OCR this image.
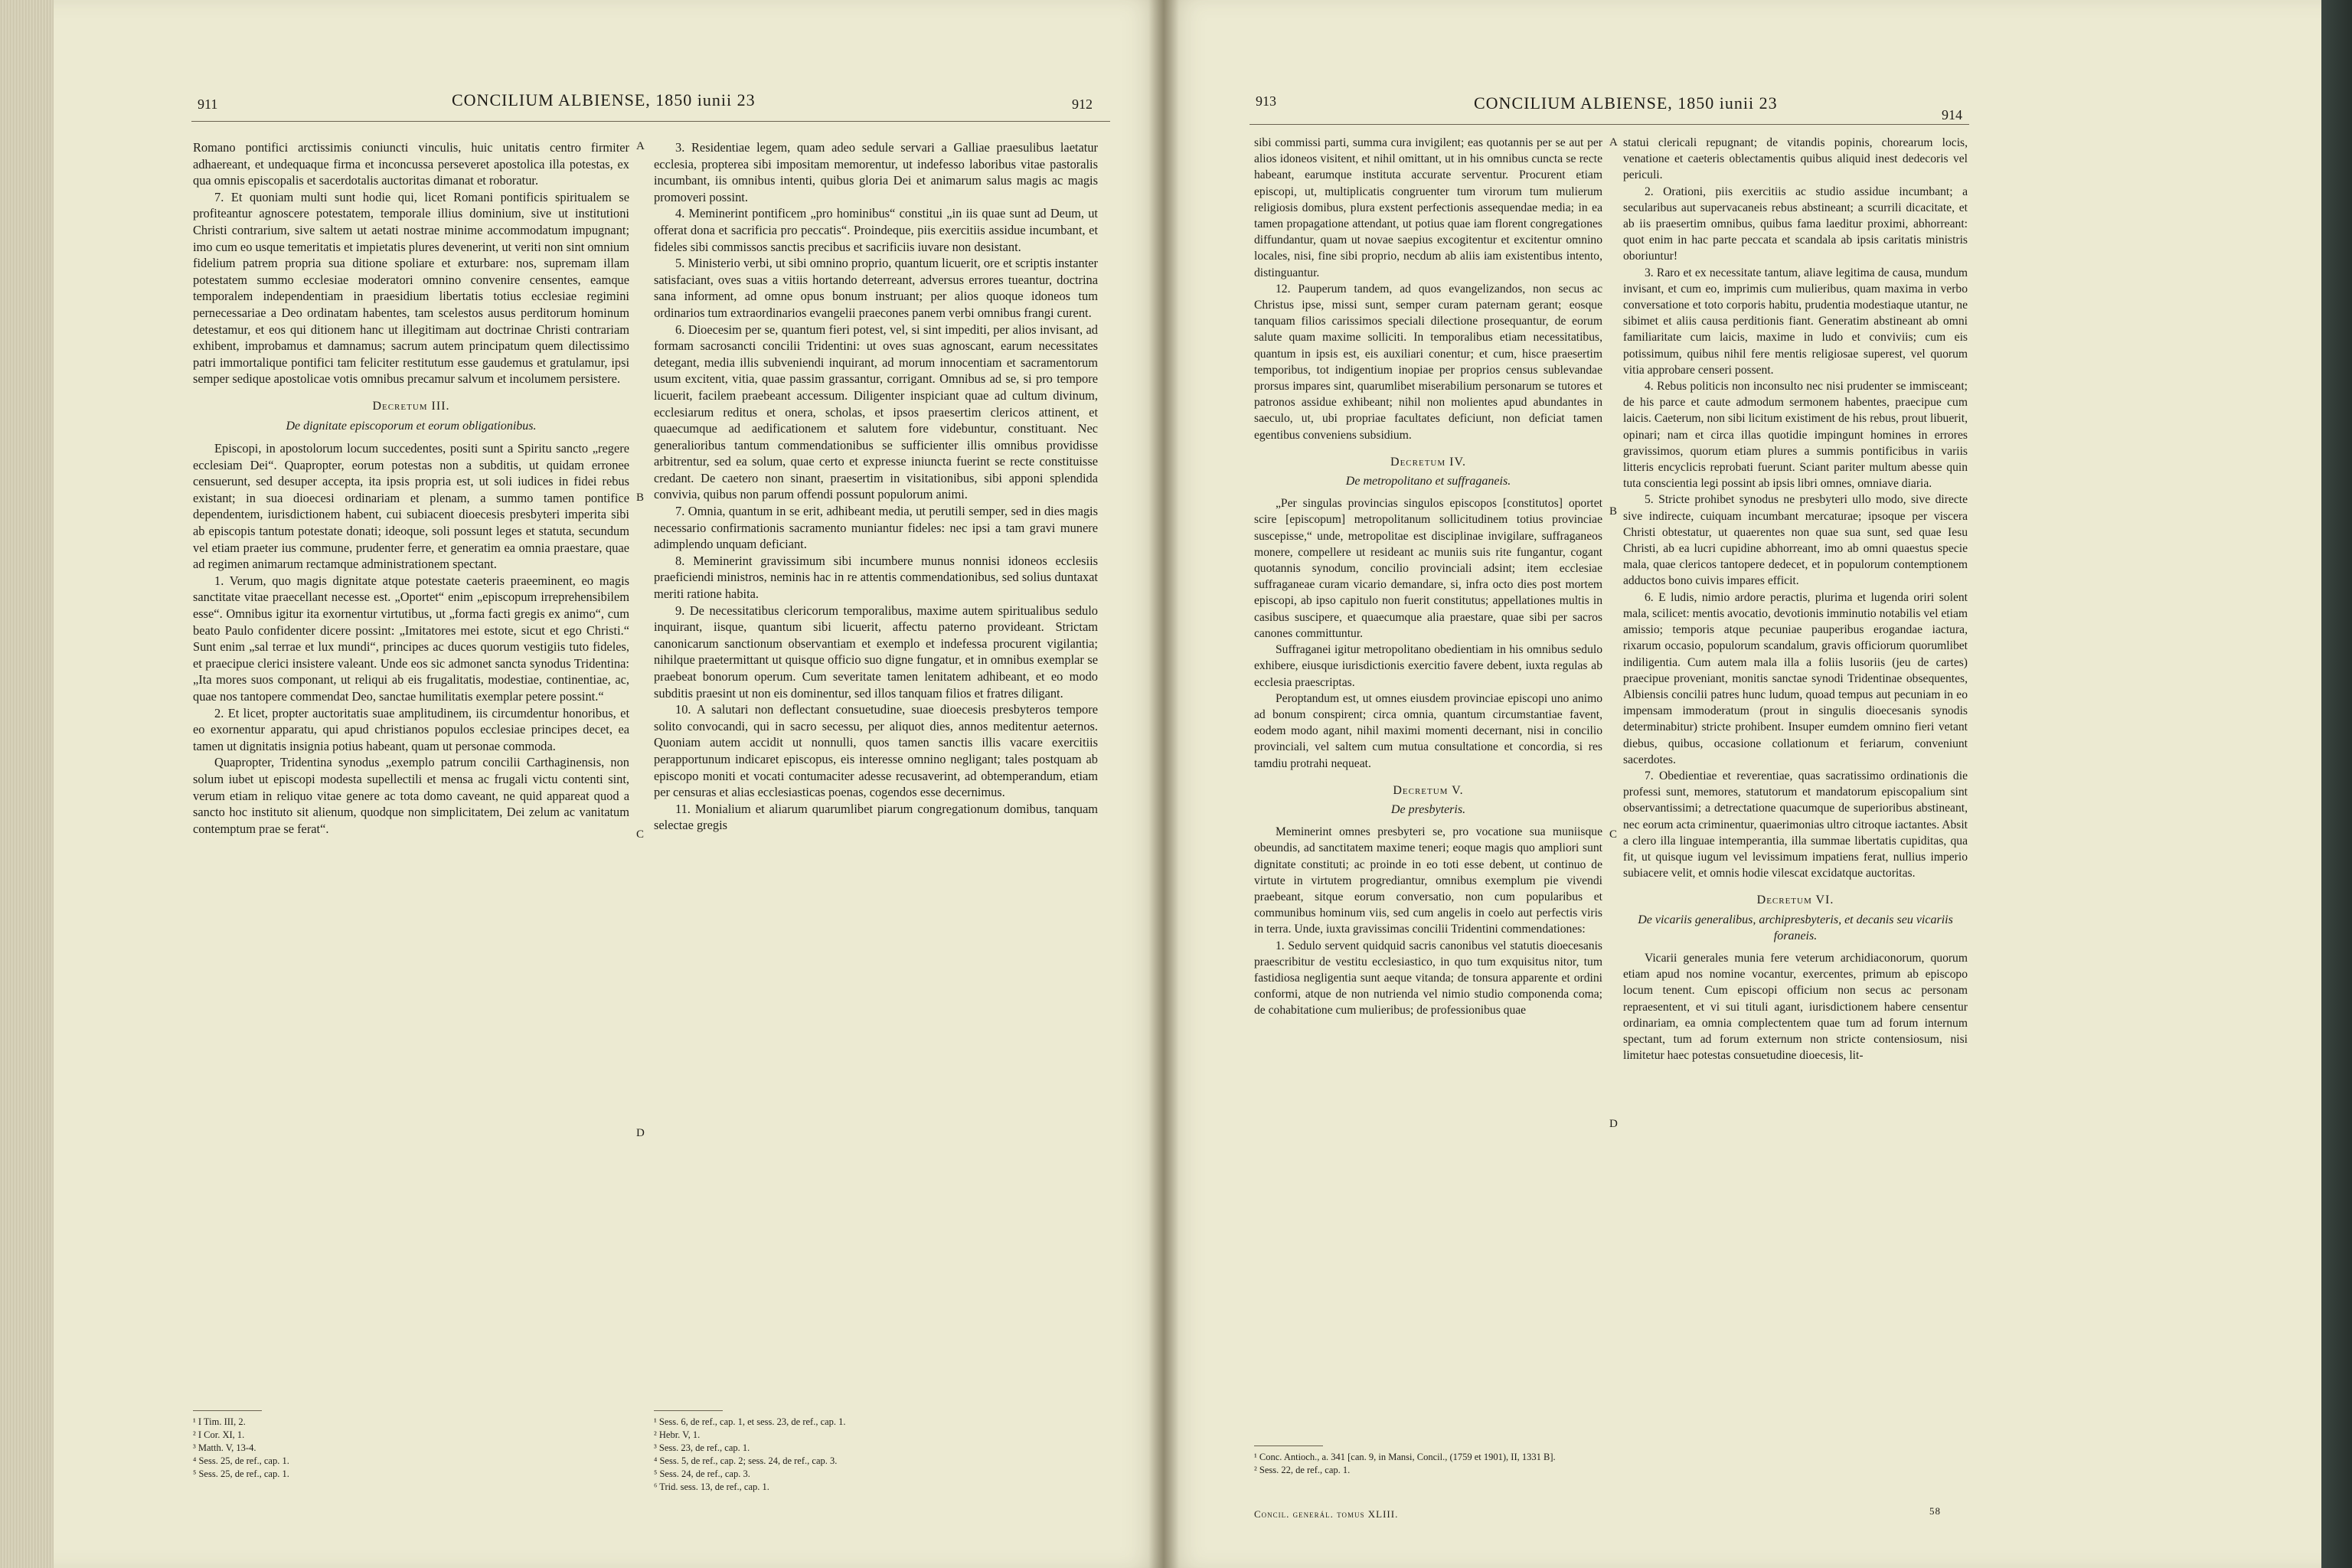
911	CONCILIUM ALBIENSE, 1850 iunii 23	912

Romano pontifici arctissimis coniuncti vinculis, huic unitatis centro firmiter adhaereant, et undequaque firma et inconcussa perseveret apostolica illa potestas, ex qua omnis episcopalis et sacerdotalis auctoritas dimanat et roboratur.

7. Et quoniam multi sunt hodie qui, licet Romani pontificis spiritualem se profiteantur agnoscere potestatem, temporale illius dominium, sive ut institutioni Christi contrarium, sive saltem ut aetati nostrae minime accommodatum impugnant; imo cum eo usque temeritatis et impietatis plures devenerint, ut veriti non sint omnium fidelium patrem propria sua ditione spoliare et exturbare: nos, supremam illam potestatem summo ecclesiae moderatori omnino convenire censentes, eamque temporalem independentiam in praesidium libertatis totius ecclesiae regimini pernecessariae a Deo ordinatam habentes, tam scelestos ausus perditorum hominum detestamur, et eos qui ditionem hanc ut illegitimam aut doctrinae Christi contrariam exhibent, improbamus et damnamus; sacrum autem principatum quem dilectissimo patri immortalique pontifici tam feliciter restitutum esse gaudemus et gratulamur, ipsi semper sedique apostolicae votis omnibus precamur salvum et incolumem persistere.

Decretum III.
De dignitate episcoporum et eorum obligationibus.

Episcopi, in apostolorum locum succedentes, positi sunt a Spiritu sancto „regere ecclesiam Dei“. Quapropter, eorum potestas non a subditis, ut quidam erronee censuerunt, sed desuper accepta, ita ipsis propria est, ut soli iudices in fidei rebus existant; in sua dioecesi ordinariam et plenam, a summo tamen pontifice dependentem, iurisdictionem habent, cui subiacent dioecesis presbyteri imperita sibi ab episcopis tantum potestate donati; ideoque, soli possunt leges et statuta, secundum vel etiam praeter ius commune, prudenter ferre, et generatim ea omnia praestare, quae ad regimen animarum rectamque administrationem spectant.

1. Verum, quo magis dignitate atque potestate caeteris praeeminent, eo magis sanctitate vitae praecellant necesse est. „Oportet“ enim „episcopum irreprehensibilem esse“. Omnibus igitur ita exornentur virtutibus, ut „forma facti gregis ex animo“, cum beato Paulo confidenter dicere possint: „Imitatores mei estote, sicut et ego Christi.“ Sunt enim „sal terrae et lux mundi“, principes ac duces quorum vestigiis tuto fideles, et praecipue clerici insistere valeant. Unde eos sic admonet sancta synodus Tridentina: „Ita mores suos componant, ut reliqui ab eis frugalitatis, modestiae, continentiae, ac, quae nos tantopere commendat Deo, sanctae humilitatis exemplar petere possint.“

2. Et licet, propter auctoritatis suae amplitudinem, iis circumdentur honoribus, et eo exornentur apparatu, qui apud christianos populos ecclesiae principes decet, ea tamen ut dignitatis insignia potius habeant, quam ut personae commoda.

Quapropter, Tridentina synodus „exemplo patrum concilii Carthaginensis, non solum iubet ut episcopi modesta supellectili et mensa ac frugali victu contenti sint, verum etiam in reliquo vitae genere ac tota domo caveant, ne quid appareat quod a sancto hoc instituto sit alienum, quodque non simplicitatem, Dei zelum ac vanitatum contemptum prae se ferat“.

¹ I Tim. III, 2.
² I Cor. XI, 1.
³ Matth. V, 13-4.
⁴ Sess. 25, de ref., cap. 1.
⁵ Sess. 25, de ref., cap. 1.
A
B
C
D

3. Residentiae legem, quam adeo sedule servari a Galliae praesulibus laetatur ecclesia, propterea sibi impositam memorentur, ut indefesso laboribus vitae pastoralis incumbant, iis omnibus intenti, quibus gloria Dei et animarum salus magis ac magis promoveri possint.

4. Meminerint pontificem „pro hominibus“ constitui „in iis quae sunt ad Deum, ut offerat dona et sacrificia pro peccatis“. Proindeque, piis exercitiis assidue incumbant, et fideles sibi commissos sanctis precibus et sacrificiis iuvare non desistant.

5. Ministerio verbi, ut sibi omnino proprio, quantum licuerit, ore et scriptis instanter satisfaciant, oves suas a vitiis hortando deterreant, adversus errores tueantur, doctrina sana informent, ad omne opus bonum instruant; per alios quoque idoneos tum ordinarios tum extraordinarios evangelii praecones panem verbi omnibus frangi curent.

6. Dioecesim per se, quantum fieri potest, vel, si sint impediti, per alios invisant, ad formam sacrosancti concilii Tridentini: ut oves suas agnoscant, earum necessitates detegant, media illis subveniendi inquirant, ad morum innocentiam et sacramentorum usum excitent, vitia, quae passim grassantur, corrigant. Omnibus ad se, si pro tempore licuerit, facilem praebeant accessum. Diligenter inspiciant quae ad cultum divinum, ecclesiarum reditus et onera, scholas, et ipsos praesertim clericos attinent, et quaecumque ad aedificationem et salutem fore videbuntur, constituant. Nec generalioribus tantum commendationibus se sufficienter illis omnibus providisse arbitrentur, sed ea solum, quae certo et expresse iniuncta fuerint se recte constituisse credant. De caetero non sinant, praesertim in visitationibus, sibi apponi splendida convivia, quibus non parum offendi possunt populorum animi.

7. Omnia, quantum in se erit, adhibeant media, ut perutili semper, sed in dies magis necessario confirmationis sacramento muniantur fideles: nec ipsi a tam gravi munere adimplendo unquam deficiant.

8. Meminerint gravissimum sibi incumbere munus nonnisi idoneos ecclesiis praeficiendi ministros, neminis hac in re attentis commendationibus, sed solius duntaxat meriti ratione habita.

9. De necessitatibus clericorum temporalibus, maxime autem spiritualibus sedulo inquirant, iisque, quantum sibi licuerit, affectu paterno provideant. Strictam canonicarum sanctionum observantiam et exemplo et indefessa procurent vigilantia; nihilque praetermittant ut quisque officio suo digne fungatur, et in omnibus exemplar se praebeat bonorum operum. Cum severitate tamen lenitatem adhibeant, et eo modo subditis praesint ut non eis dominentur, sed illos tanquam filios et fratres diligant.

10. A salutari non deflectant consuetudine, suae dioecesis presbyteros tempore solito convocandi, qui in sacro secessu, per aliquot dies, annos meditentur aeternos. Quoniam autem accidit ut nonnulli, quos tamen sanctis illis vacare exercitiis perapportunum indicaret episcopus, eis interesse omnino negligant; tales postquam ab episcopo moniti et vocati contumaciter adesse recusaverint, ad obtemperandum, etiam per censuras et alias ecclesiasticas poenas, cogendos esse decernimus.

11. Monialium et aliarum quarumlibet piarum congregationum domibus, tanquam selectae gregis

¹ Sess. 6, de ref., cap. 1, et sess. 23, de ref., cap. 1.
² Hebr. V, 1.
³ Sess. 23, de ref., cap. 1.
⁴ Sess. 5, de ref., cap. 2; sess. 24, de ref., cap. 3.
⁵ Sess. 24, de ref., cap. 3.
⁶ Trid. sess. 13, de ref., cap. 1.
913	CONCILIUM ALBIENSE, 1850 iunii 23
914

sibi commissi parti, summa cura invigilent; eas quotannis per se aut per alios idoneos visitent, et nihil omittant, ut in his omnibus cuncta se recte habeant, earumque instituta accurate serventur. Procurent etiam episcopi, ut, multiplicatis congruenter tum virorum tum mulierum religiosis domibus, plura exstent perfectionis assequendae media; in ea tamen propagatione attendant, ut potius quae iam florent congregationes diffundantur, quam ut novae saepius excogitentur et excitentur omnino locales, nisi, fine sibi proprio, necdum ab aliis iam existentibus intento, distinguantur.

12. Pauperum tandem, ad quos evangelizandos, non secus ac Christus ipse, missi sunt, semper curam paternam gerant; eosque tanquam filios carissimos speciali dilectione prosequantur, de eorum salute quam maxime solliciti. In temporalibus etiam necessitatibus, quantum in ipsis est, eis auxiliari conentur; et cum, hisce praesertim temporibus, tot indigentium inopiae per proprios census sublevandae prorsus impares sint, quarumlibet miserabilium personarum se tutores et patronos assidue exhibeant; nihil non molientes apud abundantes in saeculo, ut, ubi propriae facultates deficiunt, non deficiat tamen egentibus conveniens subsidium.

Decretum IV.
De metropolitano et suffraganeis.

„Per singulas provincias singulos episcopos [constitutos] oportet scire [episcopum] metropolitanum sollicitudinem totius provinciae suscepisse,“ unde, metropolitae est disciplinae invigilare, suffraganeos monere, compellere ut resideant ac muniis suis rite fungantur, cogant quotannis synodum, concilio provinciali adsint; item ecclesiae suffraganeae curam vicario demandare, si, infra octo dies post mortem episcopi, ab ipso capitulo non fuerit constitutus; appellationes multis in casibus suscipere, et quaecumque alia praestare, quae sibi per sacros canones committuntur.

Suffraganei igitur metropolitano obedientiam in his omnibus sedulo exhibere, eiusque iurisdictionis exercitio favere debent, iuxta regulas ab ecclesia praescriptas.

Peroptandum est, ut omnes eiusdem provinciae episcopi uno animo ad bonum conspirent; circa omnia, quantum circumstantiae favent, eodem modo agant, nihil maximi momenti decernant, nisi in concilio provinciali, vel saltem cum mutua consultatione et concordia, si res tamdiu protrahi nequeat.

Decretum V.
De presbyteris.

Meminerint omnes presbyteri se, pro vocatione sua muniisque obeundis, ad sanctitatem maxime teneri; eoque magis quo ampliori sunt dignitate constituti; ac proinde in eo toti esse debent, ut continuo de virtute in virtutem progrediantur, omnibus exemplum pie vivendi praebeant, sitque eorum conversatio, non cum popularibus et communibus hominum viis, sed cum angelis in coelo aut perfectis viris in terra. Unde, iuxta gravissimas concilii Tridentini commendationes:

1. Sedulo servent quidquid sacris canonibus vel statutis dioecesanis praescribitur de vestitu ecclesiastico, in quo tum exquisitus nitor, tum fastidiosa negligentia sunt aeque vitanda; de tonsura apparente et ordini conformi, atque de non nutrienda vel nimio studio componenda coma; de cohabitatione cum mulieribus; de professionibus quae

¹ Conc. Antioch., a. 341 [can. 9, in Mansi, Concil., (1759 et 1901), II, 1331 B].
² Sess. 22, de ref., cap. 1.
Concil. generál. tomus XLIII.
A
B
C
D

statui clericali repugnant; de vitandis popinis, chorearum locis, venatione et caeteris oblectamentis quibus aliquid inest dedecoris vel periculi.

2. Orationi, piis exercitiis ac studio assidue incumbant; a secularibus aut supervacaneis rebus abstineant; a scurrili dicacitate, et ab iis praesertim omnibus, quibus fama laeditur proximi, abhorreant: quot enim in hac parte peccata et scandala ab ipsis caritatis ministris oboriuntur!

3. Raro et ex necessitate tantum, aliave legitima de causa, mundum invisant, et cum eo, imprimis cum mulieribus, quam maxima in verbo conversatione et toto corporis habitu, prudentia modestiaque utantur, ne sibimet et aliis causa perditionis fiant. Generatim abstineant ab omni familiaritate cum laicis, maxime in ludo et conviviis; cum eis potissimum, quibus nihil fere mentis religiosae superest, vel quorum vitia approbare censeri possent.

4. Rebus politicis non inconsulto nec nisi prudenter se immisceant; de his parce et caute admodum sermonem habentes, praecipue cum laicis. Caeterum, non sibi licitum existiment de his rebus, prout libuerit, opinari; nam et circa illas quotidie impingunt homines in errores gravissimos, quorum etiam plures a summis pontificibus in variis litteris encyclicis reprobati fuerunt. Sciant pariter multum abesse quin tuta conscientia legi possint ab ipsis libri omnes, omniave diaria.

5. Stricte prohibet synodus ne presbyteri ullo modo, sive directe sive indirecte, cuiquam incumbant mercaturae; ipsoque per viscera Christi obtestatur, ut quaerentes non quae sua sunt, sed quae Iesu Christi, ab ea lucri cupidine abhorreant, imo ab omni quaestus specie mala, quae clericos tantopere dedecet, et in populorum contemptionem adductos bono cuivis impares efficit.

6. E ludis, nimio ardore peractis, plurima et lugenda oriri solent mala, scilicet: mentis avocatio, devotionis imminutio notabilis vel etiam amissio; temporis atque pecuniae pauperibus erogandae iactura, rixarum occasio, populorum scandalum, gravis officiorum quorumlibet indiligentia. Cum autem mala illa a foliis lusoriis (jeu de cartes) praecipue proveniant, monitis sanctae synodi Tridentinae obsequentes, Albiensis concilii patres hunc ludum, quoad tempus aut pecuniam in eo impensam immoderatum (prout in singulis dioecesanis synodis determinabitur) stricte prohibent. Insuper eumdem omnino fieri vetant diebus, quibus, occasione collationum et feriarum, conveniunt sacerdotes.

7. Obedientiae et reverentiae, quas sacratissimo ordinationis die professi sunt, memores, statutorum et mandatorum episcopalium sint observantissimi; a detrectatione quacumque de superioribus abstineant, nec eorum acta criminentur, quaerimonias ultro citroque iactantes. Absit a clero illa linguae intemperantia, illa summae libertatis cupiditas, qua fit, ut quisque iugum vel levissimum impatiens ferat, nullius imperio subiacere velit, et omnis hodie vilescat excidatque auctoritas.

Decretum VI.
De vicariis generalibus, archipresbyteris, et decanis seu vicariis foraneis.

Vicarii generales munia fere veterum archidiaconorum, quorum etiam apud nos nomine vocantur, exercentes, primum ab episcopo locum tenent. Cum episcopi officium non secus ac personam repraesentent, et vi sui tituli agant, iurisdictionem habere censentur ordinariam, ea omnia complectentem quae tum ad forum internum spectant, tum ad forum externum non stricte contensiosum, nisi limitetur haec potestas consuetudine dioecesis, lit-

58
